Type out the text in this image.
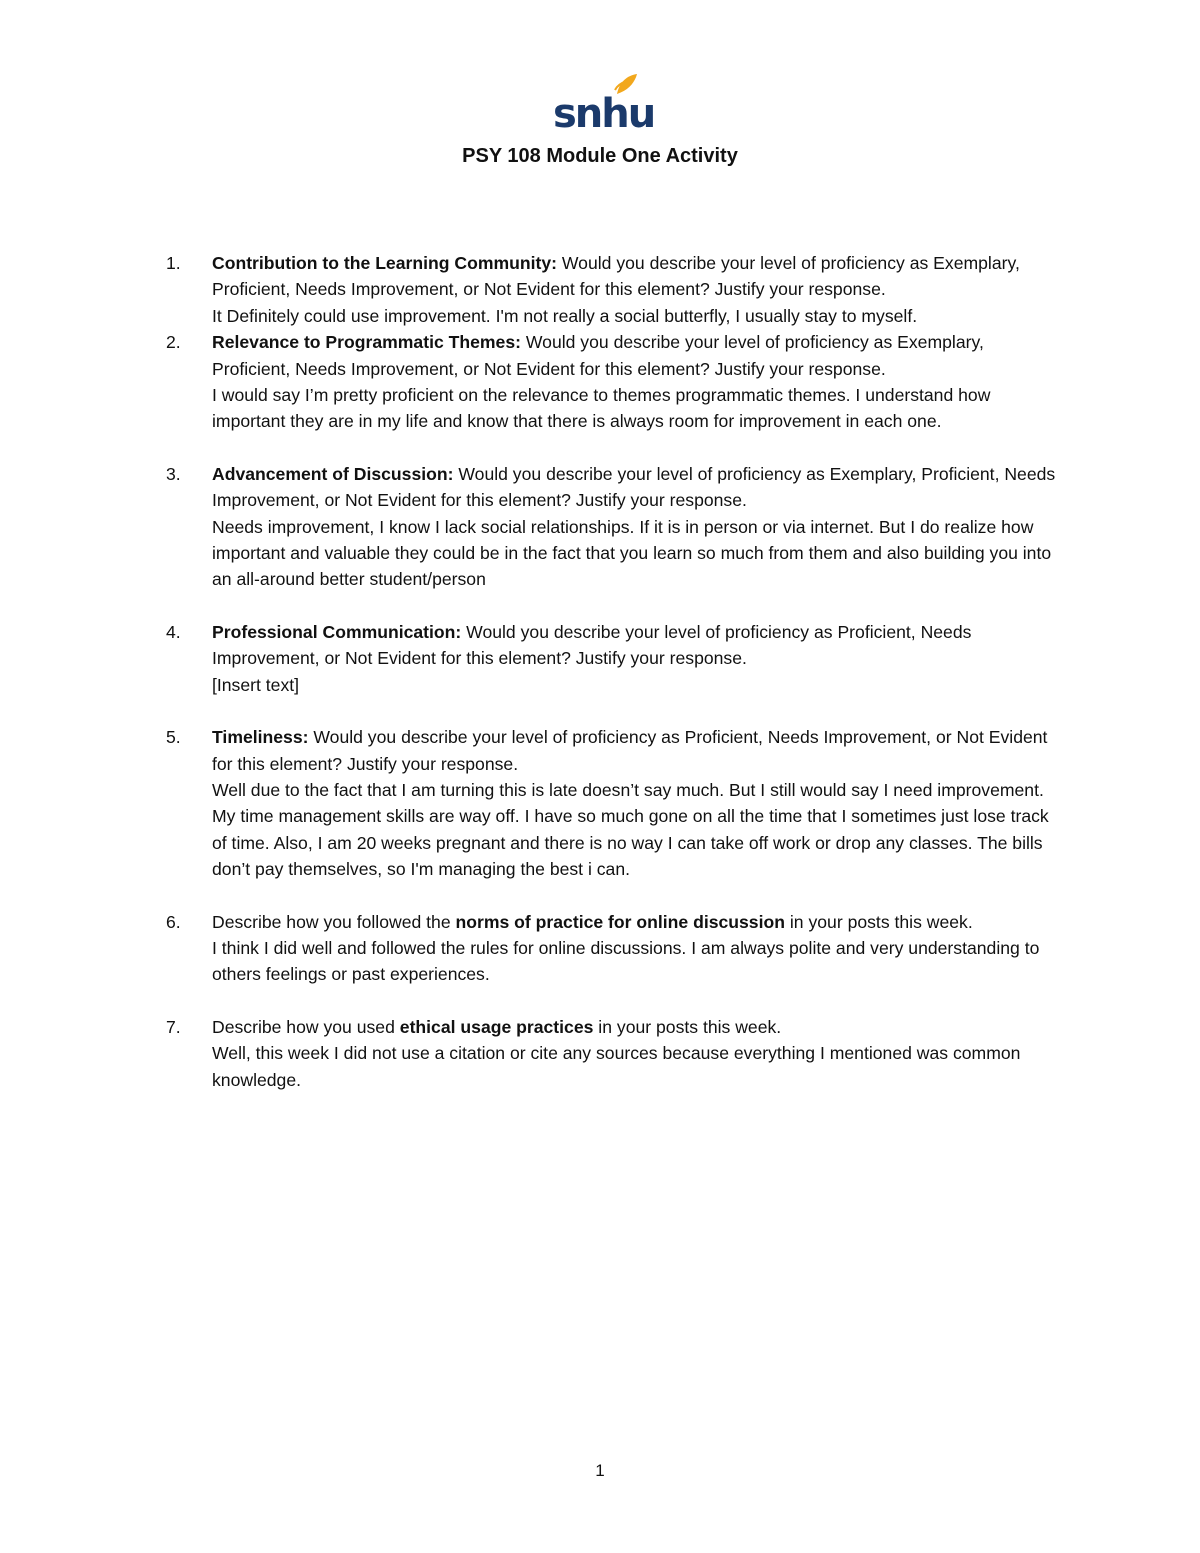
snhu
PSY 108 Module One Activity
1.	Contribution to the Learning Community: Would you describe your level of proficiency as Exemplary, Proficient, Needs Improvement, or Not Evident for this element? Justify your response.
It Definitely could use improvement. I'm not really a social butterfly, I usually stay to myself.
2.	Relevance to Programmatic Themes: Would you describe your level of proficiency as Exemplary, Proficient, Needs Improvement, or Not Evident for this element? Justify your response.
I would say I’m pretty proficient on the relevance to themes programmatic themes. I understand how important they are in my life and know that there is always room for improvement in each one.
3.	Advancement of Discussion: Would you describe your level of proficiency as Exemplary, Proficient, Needs Improvement, or Not Evident for this element? Justify your response.
Needs improvement, I know I lack social relationships. If it is in person or via internet. But I do realize how important and valuable they could be in the fact that you learn so much from them and also building you into an all-around better student/person
4.	Professional Communication: Would you describe your level of proficiency as Proficient, Needs Improvement, or Not Evident for this element? Justify your response.
[Insert text]
5.	Timeliness: Would you describe your level of proficiency as Proficient, Needs Improvement, or Not Evident for this element? Justify your response.
Well due to the fact that I am turning this is late doesn’t say much. But I still would say I need improvement. My time management skills are way off. I have so much gone on all the time that I sometimes just lose track of time. Also, I am 20 weeks pregnant and there is no way I can take off work or drop any classes. The bills don’t pay themselves, so I'm managing the best i can.
6.	Describe how you followed the norms of practice for online discussion in your posts this week.
I think I did well and followed the rules for online discussions. I am always polite and very understanding to others feelings or past experiences.
7.	Describe how you used ethical usage practices in your posts this week.
Well, this week I did not use a citation or cite any sources because everything I mentioned was common knowledge.
1
